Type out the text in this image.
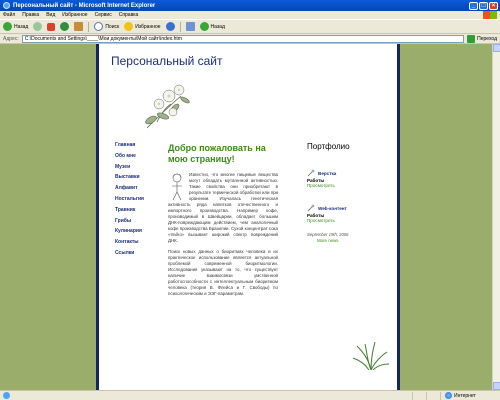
Персональный сайт - Microsoft Internet Explorer	_	□	×
Файл Правка Вид Избранное Сервис Справка
Назад	Поиск	Избранное	Назад
Адрес:
C:\Documents and Settings\____\Мои документы\Мой сайт\index.htm	Переход
Персональный сайт
Главная
Обо мне
Музеи
Выставки
Алфавит
Ностальгия
Травник
Грибы
Кулинария
Контакты
Ссылки
Добро пожаловать на мою страницу!
Известно, что многие пищевые вещества могут обладать мутагенной активностью. Такие свойства они приобретают в результате термической обработки или при хранении. Изучалась генетическая активность ряда напитков отечественного и импортного производства. Например кофе, производимый в Швейцарии, обладает большим ДНК-повреждающим действием, чем аналогичный кофе производства Бразилии. Сухой концентрат сока «Inviko» вызывает широкий спектр повреждений ДНК.
Поиск новых данных о биоритмах человека и их практическое использование является актуальной проблемой современной биоритмологии. Исследования указывают на то, что существует наличие взаимосвязи умственной работоспособности с интеллектуальным биоритмом человека (теория В. Флейса и Г. Свободы) по психологическим и ЭЭГ-параметрам.
Портфолио
Верстка
Работы
Просмотреть
Web-контент
Работы
Просмотреть
September 19th, 2006
More news
Интернет
